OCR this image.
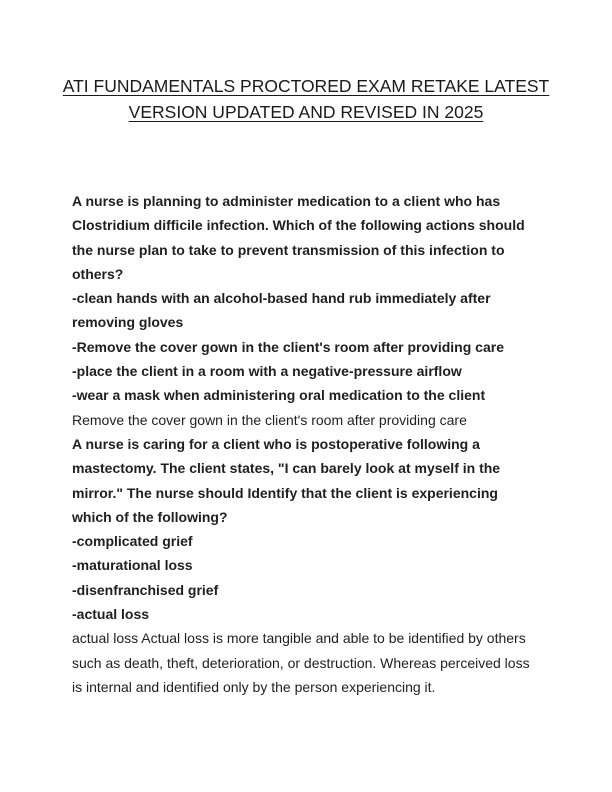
ATI FUNDAMENTALS PROCTORED EXAM RETAKE LATEST
VERSION UPDATED AND REVISED IN 2025
A nurse is planning to administer medication to a client who has
Clostridium difficile infection. Which of the following actions should
the nurse plan to take to prevent transmission of this infection to
others?
-clean hands with an alcohol-based hand rub immediately after
removing gloves
-Remove the cover gown in the client's room after providing care
-place the client in a room with a negative-pressure airflow
-wear a mask when administering oral medication to the client
Remove the cover gown in the client's room after providing care
A nurse is caring for a client who is postoperative following a
mastectomy. The client states, "I can barely look at myself in the
mirror." The nurse should Identify that the client is experiencing
which of the following?
-complicated grief
-maturational loss
-disenfranchised grief
-actual loss
actual loss Actual loss is more tangible and able to be identified by others
such as death, theft, deterioration, or destruction. Whereas perceived loss
is internal and identified only by the person experiencing it.
